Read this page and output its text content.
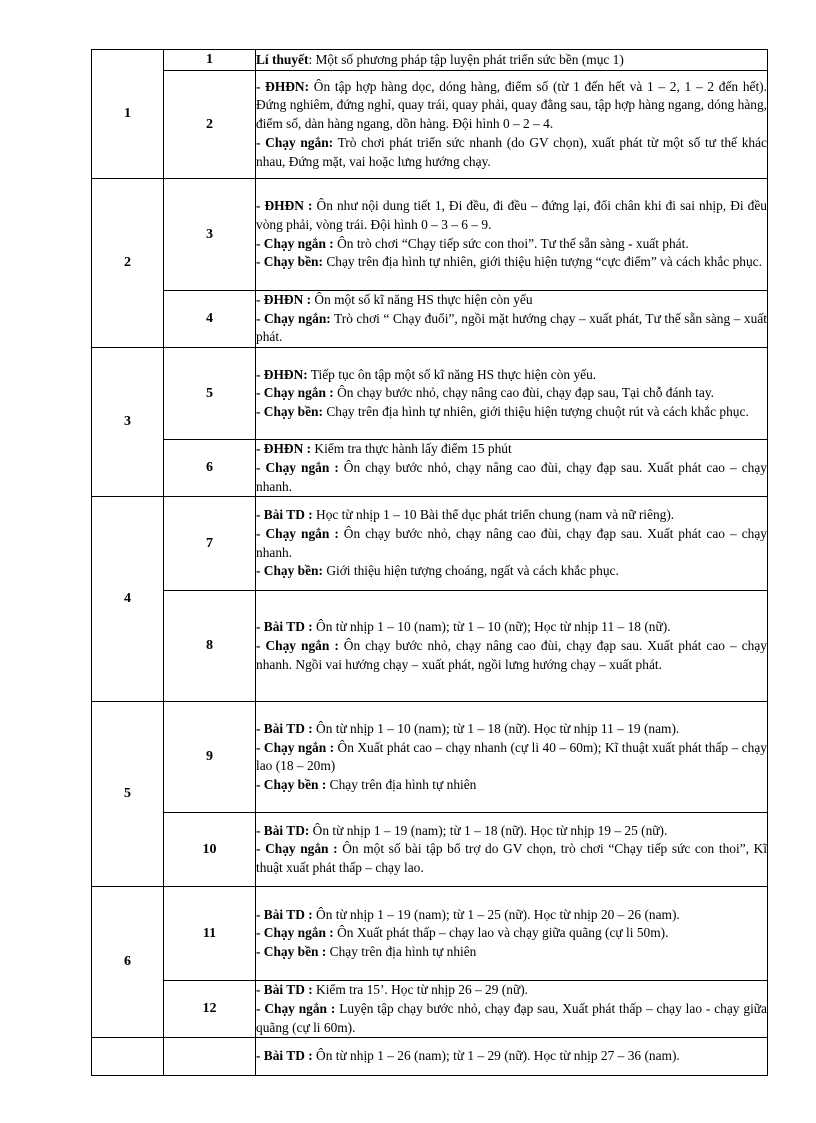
1	1	Lí thuyết: Một số phương pháp tập luyện phát triển sức bền (mục 1)

	2	- ĐHĐN: Ôn tập hợp hàng dọc, dóng hàng, điểm số (từ 1 đến hết và 1 – 2, 1 – 2 đến hết). Đứng nghiêm, đứng nghỉ, quay trái, quay phải, quay đằng sau, tập hợp hàng ngang, dóng hàng, điểm số, dàn hàng ngang, dồn hàng. Đội hình 0 – 2 – 4.

- Chạy ngắn: Trò chơi phát triển sức nhanh (do GV chọn), xuất phát từ một số tư thế khác nhau, Đứng mặt, vai hoặc lưng hướng chạy.

2	3	- ĐHĐN : Ôn như nội dung tiết 1, Đi đều, đi đều – đứng lại, đổi chân khi đi sai nhịp, Đi đều vòng phải, vòng trái. Đội hình 0 – 3 – 6 – 9.

- Chạy ngắn : Ôn trò chơi “Chạy tiếp sức con thoi”. Tư thế sẵn sàng - xuất phát.

- Chạy bền: Chạy trên địa hình tự nhiên, giới thiệu hiện tượng “cực điểm” và cách khắc phục.

	4	- ĐHĐN : Ôn một số kĩ năng HS thực hiện còn yếu

- Chạy ngắn: Trò chơi “ Chạy đuổi”, ngồi mặt hướng chạy – xuất phát, Tư thế sẵn sàng – xuất phát.

3	5	- ĐHĐN: Tiếp tục ôn tập một số kĩ năng HS thực hiện còn yếu.

- Chạy ngắn : Ôn chạy bước nhỏ, chạy nâng cao đùi, chạy đạp sau, Tại chỗ đánh tay.

- Chạy bền: Chạy trên địa hình tự nhiên, giới thiệu hiện tượng chuột rút và cách khắc phục.

	6	- ĐHĐN : Kiểm tra thực hành lấy điểm 15 phút

- Chạy ngắn : Ôn chạy bước nhỏ, chạy nâng cao đùi, chạy đạp sau. Xuất phát cao – chạy nhanh.

4	7	- Bài TD : Học từ nhịp 1 – 10 Bài thể dục phát triển chung (nam và nữ riêng).

- Chạy ngắn : Ôn chạy bước nhỏ, chạy nâng cao đùi, chạy đạp sau. Xuất phát cao – chạy nhanh.

- Chạy bền: Giới thiệu hiện tượng choáng, ngất và cách khắc phục.

	8	- Bài TD : Ôn từ nhịp 1 – 10 (nam); từ 1 – 10 (nữ); Học từ nhịp 11 – 18 (nữ).

- Chạy ngắn : Ôn chạy bước nhỏ, chạy nâng cao đùi, chạy đạp sau. Xuất phát cao – chạy nhanh. Ngồi vai hướng chạy – xuất phát, ngồi lưng hướng chạy – xuất phát.

5	9	- Bài TD : Ôn từ nhịp 1 – 10 (nam); từ 1 – 18 (nữ). Học từ nhịp 11 – 19 (nam).

- Chạy ngắn : Ôn Xuất phát cao – chạy nhanh (cự li 40 – 60m); Kĩ thuật xuất phát thấp – chạy lao (18 – 20m)

- Chạy bền : Chạy trên địa hình tự nhiên

	10	- Bài TD: Ôn từ nhịp 1 – 19 (nam); từ 1 – 18 (nữ). Học từ nhịp 19 – 25 (nữ).

- Chạy ngắn : Ôn một số bài tập bổ trợ do GV chọn, trò chơi “Chạy tiếp sức con thoi”, Kĩ thuật xuất phát thấp – chạy lao.

6	11	- Bài TD : Ôn từ nhịp 1 – 19 (nam); từ 1 – 25 (nữ). Học từ nhịp 20 – 26 (nam).

- Chạy ngắn : Ôn Xuất phát thấp – chạy lao và chạy giữa quãng (cự li 50m).

- Chạy bền : Chạy trên địa hình tự nhiên

	12	- Bài TD : Kiểm tra 15’. Học từ nhịp 26 – 29 (nữ).

- Chạy ngắn : Luyện tập chạy bước nhỏ, chạy đạp sau, Xuất phát thấp – chạy lao - chạy giữa quãng (cự li 60m).

		- Bài TD : Ôn từ nhịp 1 – 26 (nam); từ 1 – 29 (nữ). Học từ nhịp 27 – 36 (nam).
